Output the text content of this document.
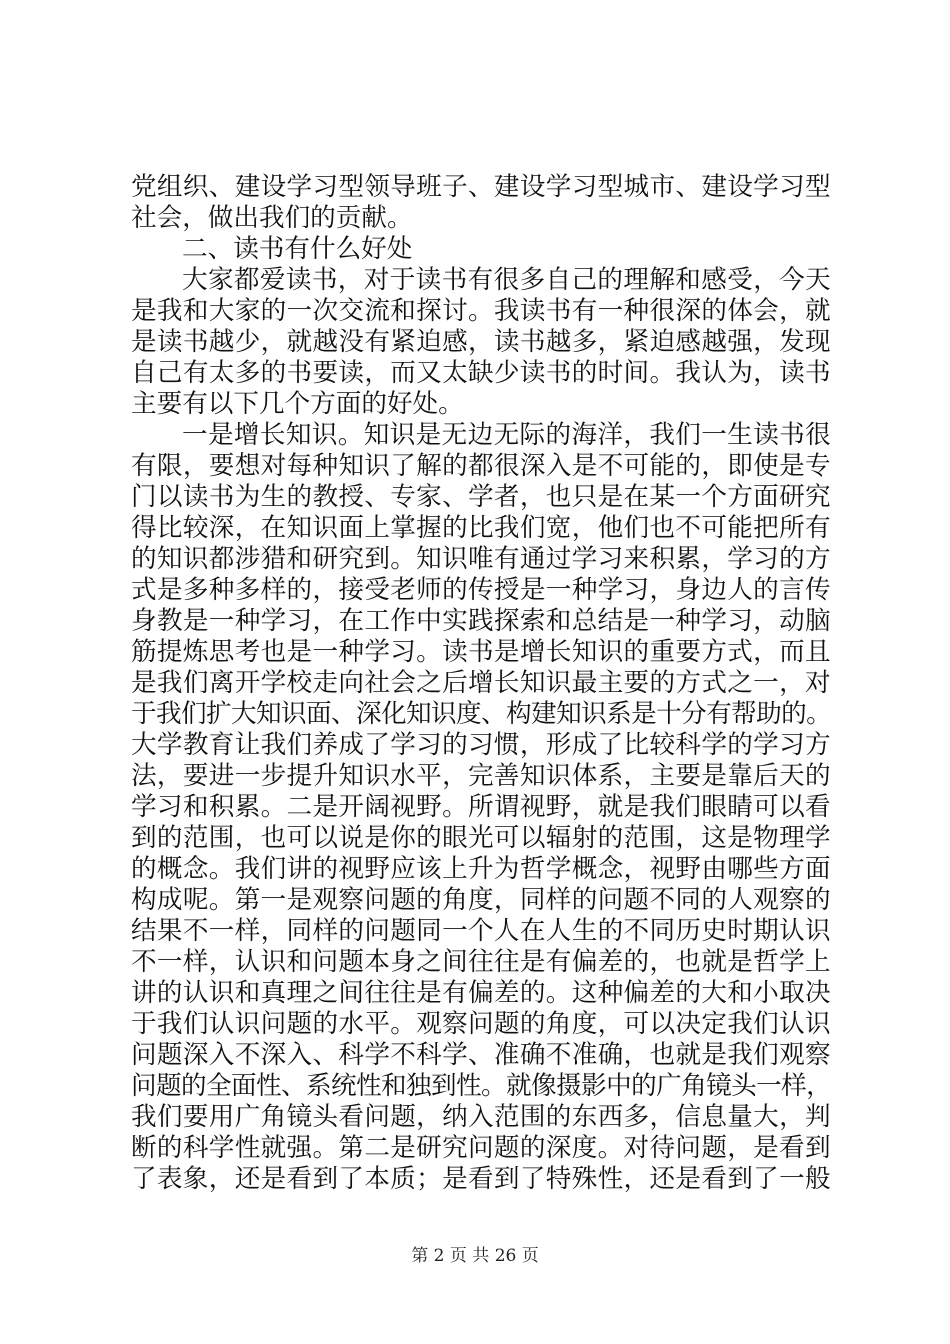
党组织、建设学习型领导班子、建设学习型城市、建设学习型
社会，做出我们的贡献。
二、读书有什么好处
大家都爱读书，对于读书有很多自己的理解和感受，今天
是我和大家的一次交流和探讨。我读书有一种很深的体会，就
是读书越少，就越没有紧迫感，读书越多，紧迫感越强，发现
自己有太多的书要读，而又太缺少读书的时间。我认为，读书
主要有以下几个方面的好处。
一是增长知识。知识是无边无际的海洋，我们一生读书很
有限，要想对每种知识了解的都很深入是不可能的，即使是专
门以读书为生的教授、专家、学者，也只是在某一个方面研究
得比较深，在知识面上掌握的比我们宽，他们也不可能把所有
的知识都涉猎和研究到。知识唯有通过学习来积累，学习的方
式是多种多样的，接受老师的传授是一种学习，身边人的言传
身教是一种学习，在工作中实践探索和总结是一种学习，动脑
筋提炼思考也是一种学习。读书是增长知识的重要方式，而且
是我们离开学校走向社会之后增长知识最主要的方式之一，对
于我们扩大知识面、深化知识度、构建知识系是十分有帮助的。
大学教育让我们养成了学习的习惯，形成了比较科学的学习方
法，要进一步提升知识水平，完善知识体系，主要是靠后天的
学习和积累。二是开阔视野。所谓视野，就是我们眼睛可以看
到的范围，也可以说是你的眼光可以辐射的范围，这是物理学
的概念。我们讲的视野应该上升为哲学概念，视野由哪些方面
构成呢。第一是观察问题的角度，同样的问题不同的人观察的
结果不一样，同样的问题同一个人在人生的不同历史时期认识
不一样，认识和问题本身之间往往是有偏差的，也就是哲学上
讲的认识和真理之间往往是有偏差的。这种偏差的大和小取决
于我们认识问题的水平。观察问题的角度，可以决定我们认识
问题深入不深入、科学不科学、准确不准确，也就是我们观察
问题的全面性、系统性和独到性。就像摄影中的广角镜头一样，
我们要用广角镜头看问题，纳入范围的东西多，信息量大，判
断的科学性就强。第二是研究问题的深度。对待问题，是看到
了表象，还是看到了本质；是看到了特殊性，还是看到了一般
第 2 页 共 26 页
